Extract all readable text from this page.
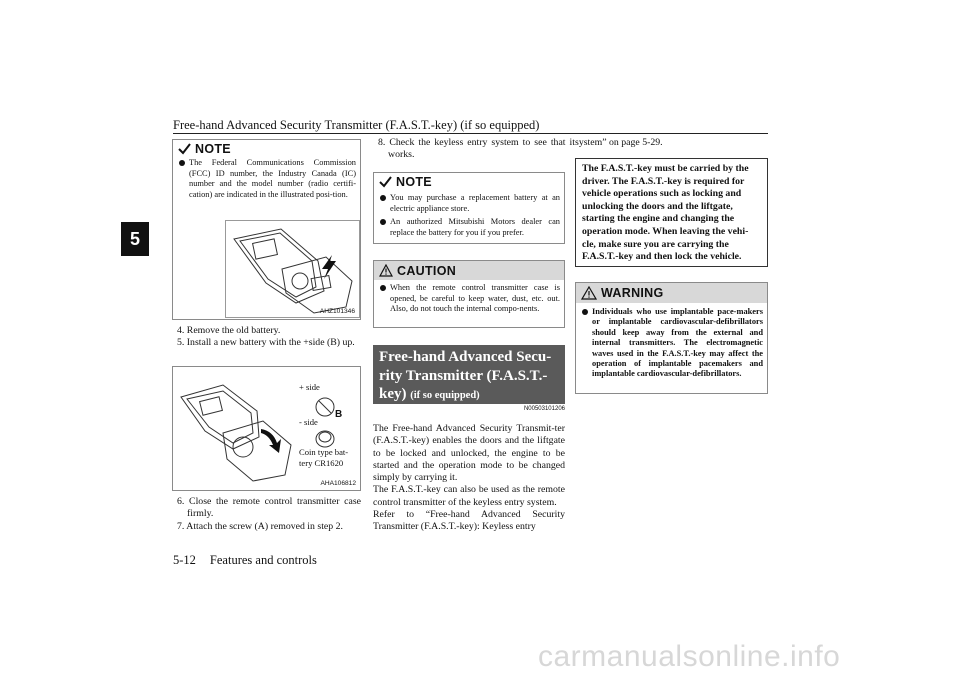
Free-hand Advanced Security Transmitter (F.A.S.T.-key) (if so equipped)
5
NOTE
The Federal Communications Commission (FCC) ID number, the Industry Canada (IC) number and the model number (radio certifi-cation) are indicated in the illustrated posi-tion.
AHZ101346
4. Remove the old battery.
5. Install a new battery with the +side (B) up.
+ side
- side
Coin type bat-tery CR1620
B
AHA106812
6. Close the remote control transmitter case firmly.
7. Attach the screw (A) removed in step 2.
8. Check the keyless entry system to see that it works.
NOTE
You may purchase a replacement battery at an electric appliance store.
An authorized Mitsubishi Motors dealer can replace the battery for you if you prefer.
CAUTION
When the remote control transmitter case is opened, be careful to keep water, dust, etc. out. Also, do not touch the internal compo-nents.
Free-hand Advanced Secu-
rity Transmitter (F.A.S.T.-
key) (if so equipped)
N00503101206
The Free-hand Advanced Security Transmit-ter (F.A.S.T.-key) enables the doors and the liftgate to be locked and unlocked, the engine to be started and the operation mode to be changed simply by carrying it.
The F.A.S.T.-key can also be used as the remote control transmitter of the keyless entry system.
Refer to “Free-hand Advanced Security Transmitter (F.A.S.T.-key): Keyless entry
system” on page 5-29.
The F.A.S.T.-key must be carried by the driver. The F.A.S.T.-key is required for vehicle operations such as locking and unlocking the doors and the liftgate, starting the engine and changing the operation mode. When leaving the vehi-cle, make sure you are carrying the F.A.S.T.-key and then lock the vehicle.
WARNING
Individuals who use implantable pace-makers or implantable cardiovascular-defibrillators should keep away from the external and internal transmitters. The electromagnetic waves used in the F.A.S.T.-key may affect the operation of implantable pacemakers and implantable cardiovascular-defibrillators.
5-12 Features and controls
carmanualsonline.info
